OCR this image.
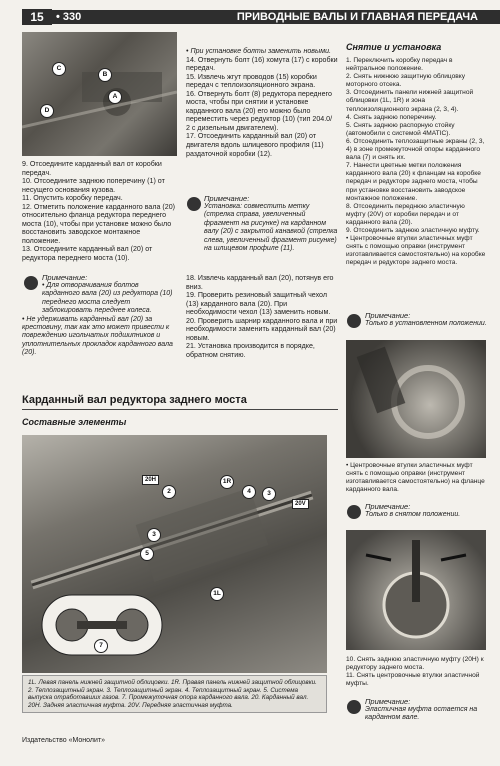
15	• 330	ПРИВОДНЫЕ ВАЛЫ И ГЛАВНАЯ ПЕРЕДАЧА
C
B
A
D

9. Отсоедините карданный вал от коробки передач.

10. Отсоедините заднюю поперечину (1) от несущего основания кузова.

11. Опустить коробку передач.

12. Отметить положение карданного вала (20) относительно фланца редуктора переднего моста (10), чтобы при установке можно было восстановить заводское монтажное положение.

13. Отсоедините карданный вал (20) от редуктора переднего моста (10).

Примечание:

• Для отворачивания болтов карданного вала (20) из редуктора (10) переднего моста следует заблокировать переднее колеса.

• Не удерживать карданный вал (20) за крестовину, так как это может привести к повреждению игольчатых подшипников и уплотнительных прокладок карданного вала (20).

• При установке болты заменить новыми.

14. Отвернуть болт (16) хомута (17) с коробки передач.

15. Извлечь жгут проводов (15) коробки передач с теплоизоляционного экрана.

16. Отвернуть болт (8) редуктора переднего моста, чтобы при снятии и установке карданного вала (20) его можно было переместить через редуктор (10) (тип 204.0/ 2 с дизельным двигателем).

17. Отсоединить карданный вал (20) от двигателя вдоль шлицевого профиля (11) раздаточной коробки (12).

Примечание:

Установка: совместить метку (стрелка справа, увеличенный фрагмент на рисунке) на карданном валу (20) с закрытой канавкой (стрелка слева, увеличенный фрагмент рисунке) на шлицевом профиле (11).

18. Извлечь карданный вал (20), потянув его вниз.

19. Проверить резиновый защитный чехол (13) карданного вала (20). При необходимости чехол (13) заменить новым.

20. Проверить шарнир карданного вала и при необходимости заменить карданный вал (20) новым.

21. Установка производится в порядке, обратном снятию.

Снятие и установка

1. Переключить коробку передач в нейтральное положение.

2. Снять нижнюю защитную облицовку моторного отсека.

3. Отсоединить панели нижней защитной облицовки (1L, 1R) и зона теплоизоляционного экрана (2, 3, 4).

4. Снять заднюю поперечину.

5. Снять заднюю распорную стойку (автомобили с системой 4MATIC).

6. Отсоединить теплозащитные экраны (2, 3, 4) в зоне промежуточной опоры карданного вала (7) и снять их.

7. Нанести цветные метки положения карданного вала (20) к фланцам на коробке передач и редукторе заднего моста, чтобы при установке восстановить заводское монтажное положение.

8. Отсоединить переднюю эластичную муфту (20V) от коробки передач и от карданного вала (20).

9. Отсоединить заднюю эластичную муфту.

• Центровочные втулки эластичных муфт снять с помощью оправки (инструмент изготавливается самостоятельно) на коробке передач и редукторе заднего моста.

Примечание:

Только в установленном положении.

• Центровочные втулки эластичных муфт снять с помощью оправки (инструмент изготавливается самостоятельно) на фланце карданного вала.

Примечание:

Только в снятом положении.

10. Снять заднюю эластичную муфту (20H) к редуктору заднего моста.

11. Снять центровочные втулки эластичной муфты.

Примечание:

Эластичная муфта остается на карданном вале.

Карданный вал редуктора заднего моста
Составные элементы
20H	1R
2	4	3
20V
3
5
7
1L
1L. Левая панель нижней защитной облицовки. 1R. Правая панель нижней защитной облицовки. 2. Теплозащитный экран. 3. Теплозащитный экран. 4. Теплозащитный экран. 5. Система выпуска отработавших газов. 7. Промежуточная опора карданного вала. 20. Карданный вал. 20H. Задняя эластичная муфта. 20V. Передняя эластичная муфта.
Издательство «Монолит»
